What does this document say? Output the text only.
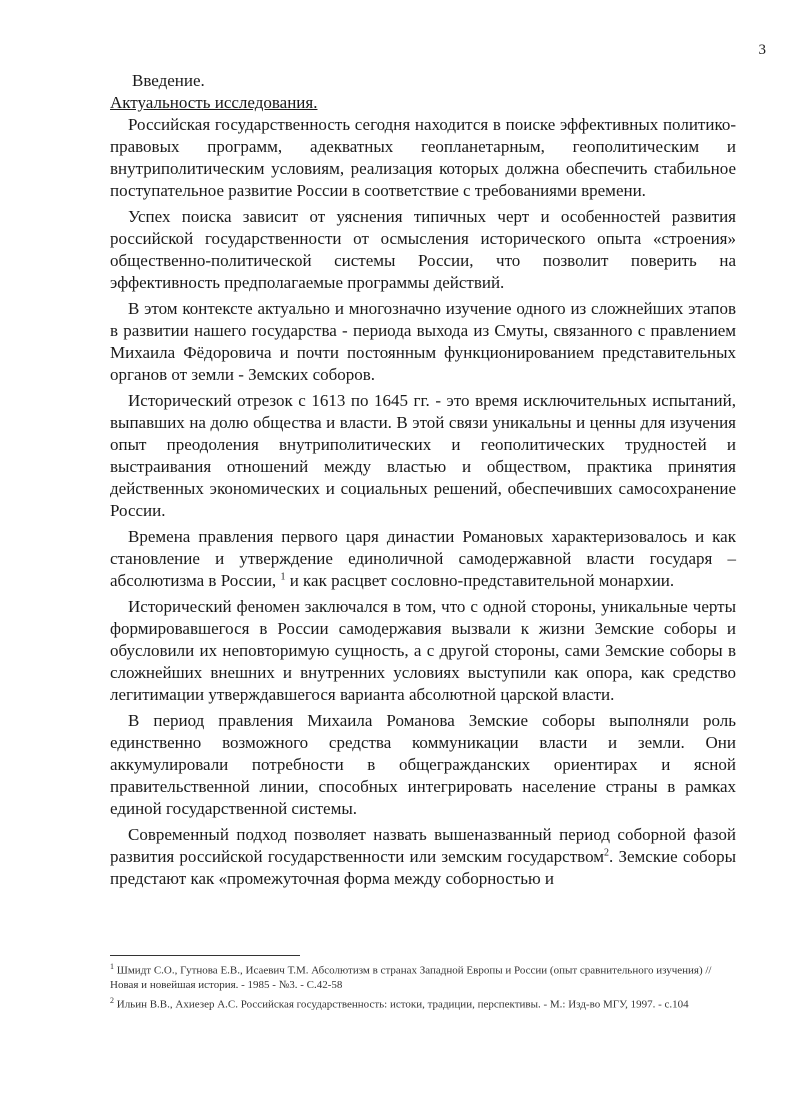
3

Введение.

Актуальность исследования.

Российская государственность сегодня находится в поиске эффективных политико-правовых программ, адекватных геопланетарным, геополитическим и внутриполитическим условиям, реализация которых должна обеспечить стабильное поступательное развитие России в соответствие с требованиями времени.

Успех поиска зависит от уяснения типичных черт и особенностей развития российской государственности от осмысления исторического опыта «строения» общественно-политической системы России, что позволит поверить на эффективность предполагаемые программы действий.

В этом контексте актуально и многозначно изучение одного из сложнейших этапов в развитии нашего государства - периода выхода из Смуты, связанного с правлением Михаила Фёдоровича и почти постоянным функционированием представительных органов от земли - Земских соборов.

Исторический отрезок с 1613 по 1645 гг. - это время исключительных испытаний, выпавших на долю общества и власти. В этой связи уникальны и ценны для изучения опыт преодоления внутриполитических и геополитических трудностей и выстраивания отношений между властью и обществом, практика принятия действенных экономических и социальных решений, обеспечивших самосохранение России.

Времена правления первого царя династии Романовых характеризовалось и как становление и утверждение единоличной самодержавной власти государя – абсолютизма в России, $^1$ и как расцвет сословно-представительной монархии.

Исторический феномен заключался в том, что с одной стороны, уникальные черты формировавшегося в России самодержавия вызвали к жизни Земские соборы и обусловили их неповторимую сущность, а с другой стороны, сами Земские соборы в сложнейших внешних и внутренних условиях выступили как опора, как средство легитимации утверждавшегося варианта абсолютной царской власти.

В период правления Михаила Романова Земские соборы выполняли роль единственно возможного средства коммуникации власти и земли. Они аккумулировали потребности в общегражданских ориентирах и ясной правительственной линии, способных интегрировать население страны в рамках единой государственной системы.

Современный подход позволяет назвать вышеназванный период соборной фазой развития российской государственности или земским государством$^2$. Земские соборы предстают как «промежуточная форма между соборностью и

$^1$ Шмидт С.О., Гутнова Е.В., Исаевич Т.М. Абсолютизм в странах Западной Европы и России (опыт сравнительного изучения) //Новая и новейшая история. - 1985 - №3. - С.42-58

$^2$ Ильин В.В., Ахиезер А.С. Российская государственность: истоки, традиции, перспективы. - М.: Изд-во МГУ, 1997. - с.104
